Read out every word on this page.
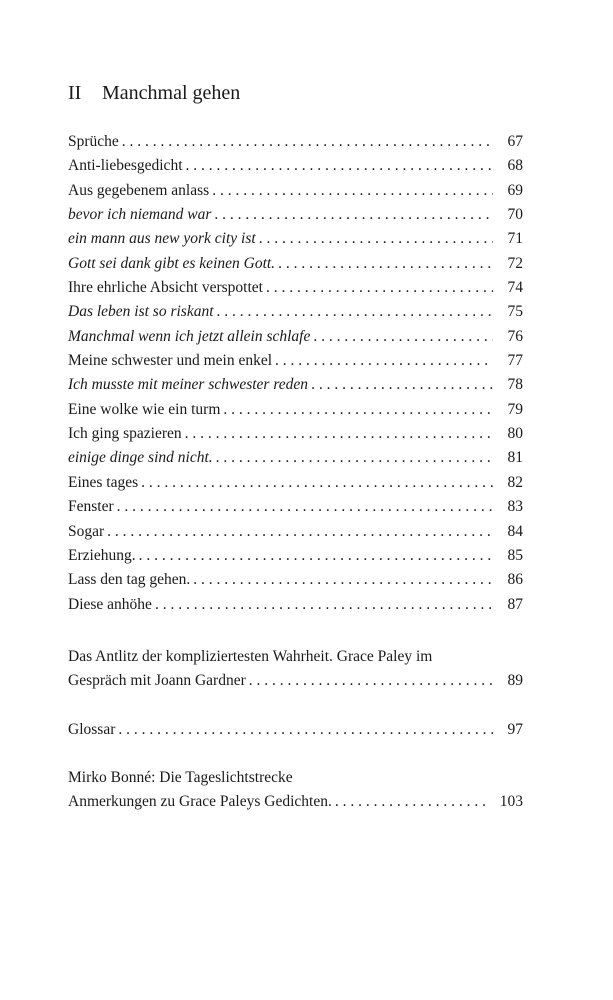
II Manchmal gehen
Sprüche . . .	67
Anti-liebesgedicht . . .	68
Aus gegebenem anlass . . .	69
bevor ich niemand war . . .	70
ein mann aus new york city ist . . .	71
Gott sei dank gibt es keinen Gott. . . .	72
Ihre ehrliche Absicht verspottet . . .	74
Das leben ist so riskant . . .	75
Manchmal wenn ich jetzt allein schlafe . . .	76
Meine schwester und mein enkel . . .	77
Ich musste mit meiner schwester reden . . .	78
Eine wolke wie ein turm . . .	79
Ich ging spazieren . . .	80
einige dinge sind nicht. . . .	81
Eines tages . . .	82
Fenster . . .	83
Sogar . . .	84
Erziehung. . . .	85
Lass den tag gehen. . . .	86
Diese anhöhe . . .	87
Das Antlitz der kompliziertesten Wahrheit. Grace Paley im
Gespräch mit Joann Gardner . . .	89
Glossar . . .	97
Mirko Bonné: Die Tageslichtstrecke
Anmerkungen zu Grace Paleys Gedichten. . . .	103
